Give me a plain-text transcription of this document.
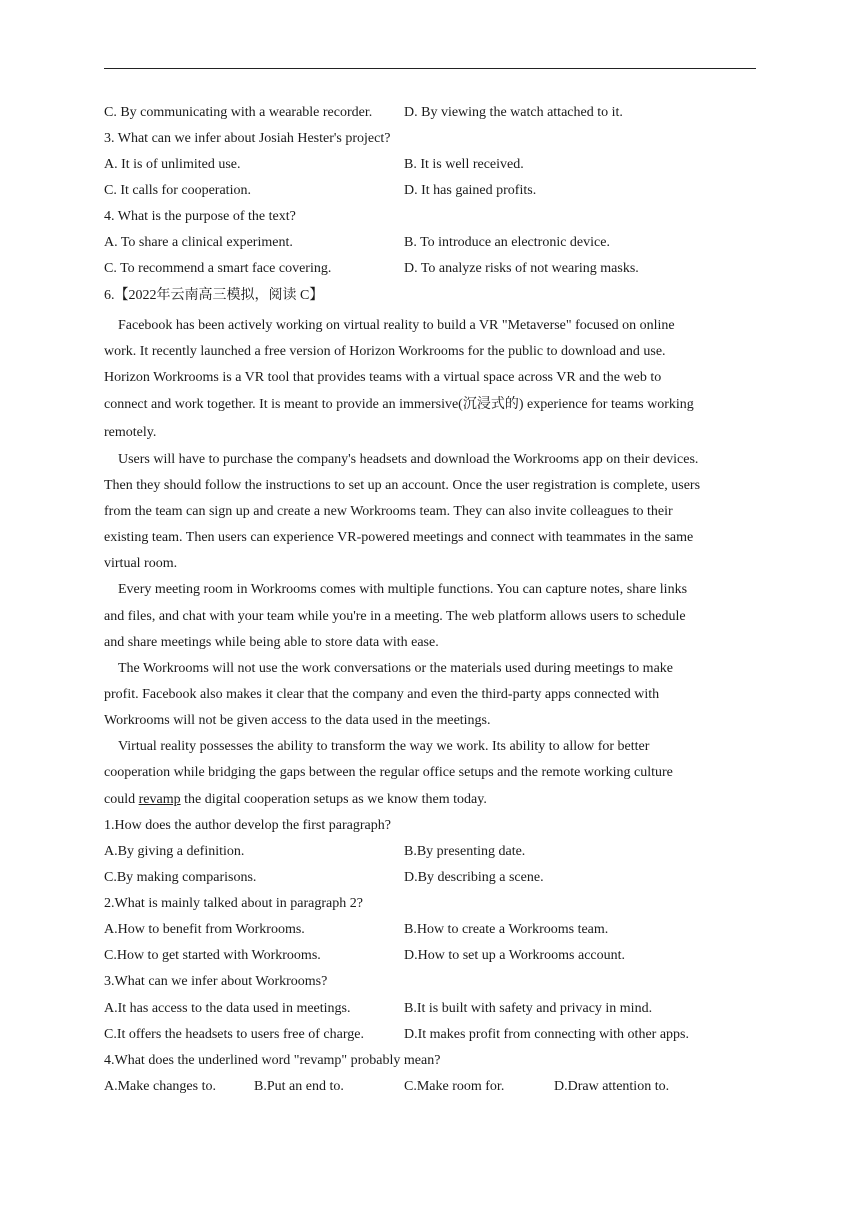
C. By communicating with a wearable recorder. D. By viewing the watch attached to it.
3. What can we infer about Josiah Hester's project?
A. It is of unlimited use.	B. It is well received.
C. It calls for cooperation.	D. It has gained profits.
4. What is the purpose of the text?
A. To share a clinical experiment.	B. To introduce an electronic device.
C. To recommend a smart face covering.	D. To analyze risks of not wearing masks.
6.【2022年云南高三模拟，阅读 C】
Facebook has been actively working on virtual reality to build a VR "Metaverse" focused on online
work. It recently launched a free version of Horizon Workrooms for the public to download and use.
Horizon Workrooms is a VR tool that provides teams with a virtual space across VR and the web to
connect and work together. It is meant to provide an immersive(沉浸式的) experience for teams working
remotely.
Users will have to purchase the company's headsets and download the Workrooms app on their devices.
Then they should follow the instructions to set up an account. Once the user registration is complete, users
from the team can sign up and create a new Workrooms team. They can also invite colleagues to their
existing team. Then users can experience VR-powered meetings and connect with teammates in the same
virtual room.
Every meeting room in Workrooms comes with multiple functions. You can capture notes, share links
and files, and chat with your team while you're in a meeting. The web platform allows users to schedule
and share meetings while being able to store data with ease.
The Workrooms will not use the work conversations or the materials used during meetings to make
profit. Facebook also makes it clear that the company and even the third-party apps connected with
Workrooms will not be given access to the data used in the meetings.
Virtual reality possesses the ability to transform the way we work. Its ability to allow for better
cooperation while bridging the gaps between the regular office setups and the remote working culture
could revamp the digital cooperation setups as we know them today.
1.How does the author develop the first paragraph?
A.By giving a definition.	B.By presenting date.
C.By making comparisons.	D.By describing a scene.
2.What is mainly talked about in paragraph 2?
A.How to benefit from Workrooms.	B.How to create a Workrooms team.
C.How to get started with Workrooms.	D.How to set up a Workrooms account.
3.What can we infer about Workrooms?
A.It has access to the data used in meetings.	B.It is built with safety and privacy in mind.
C.It offers the headsets to users free of charge.	D.It makes profit from connecting with other apps.
4.What does the underlined word "revamp" probably mean?
A.Make changes to.	B.Put an end to.	C.Make room for.	D.Draw attention to.
